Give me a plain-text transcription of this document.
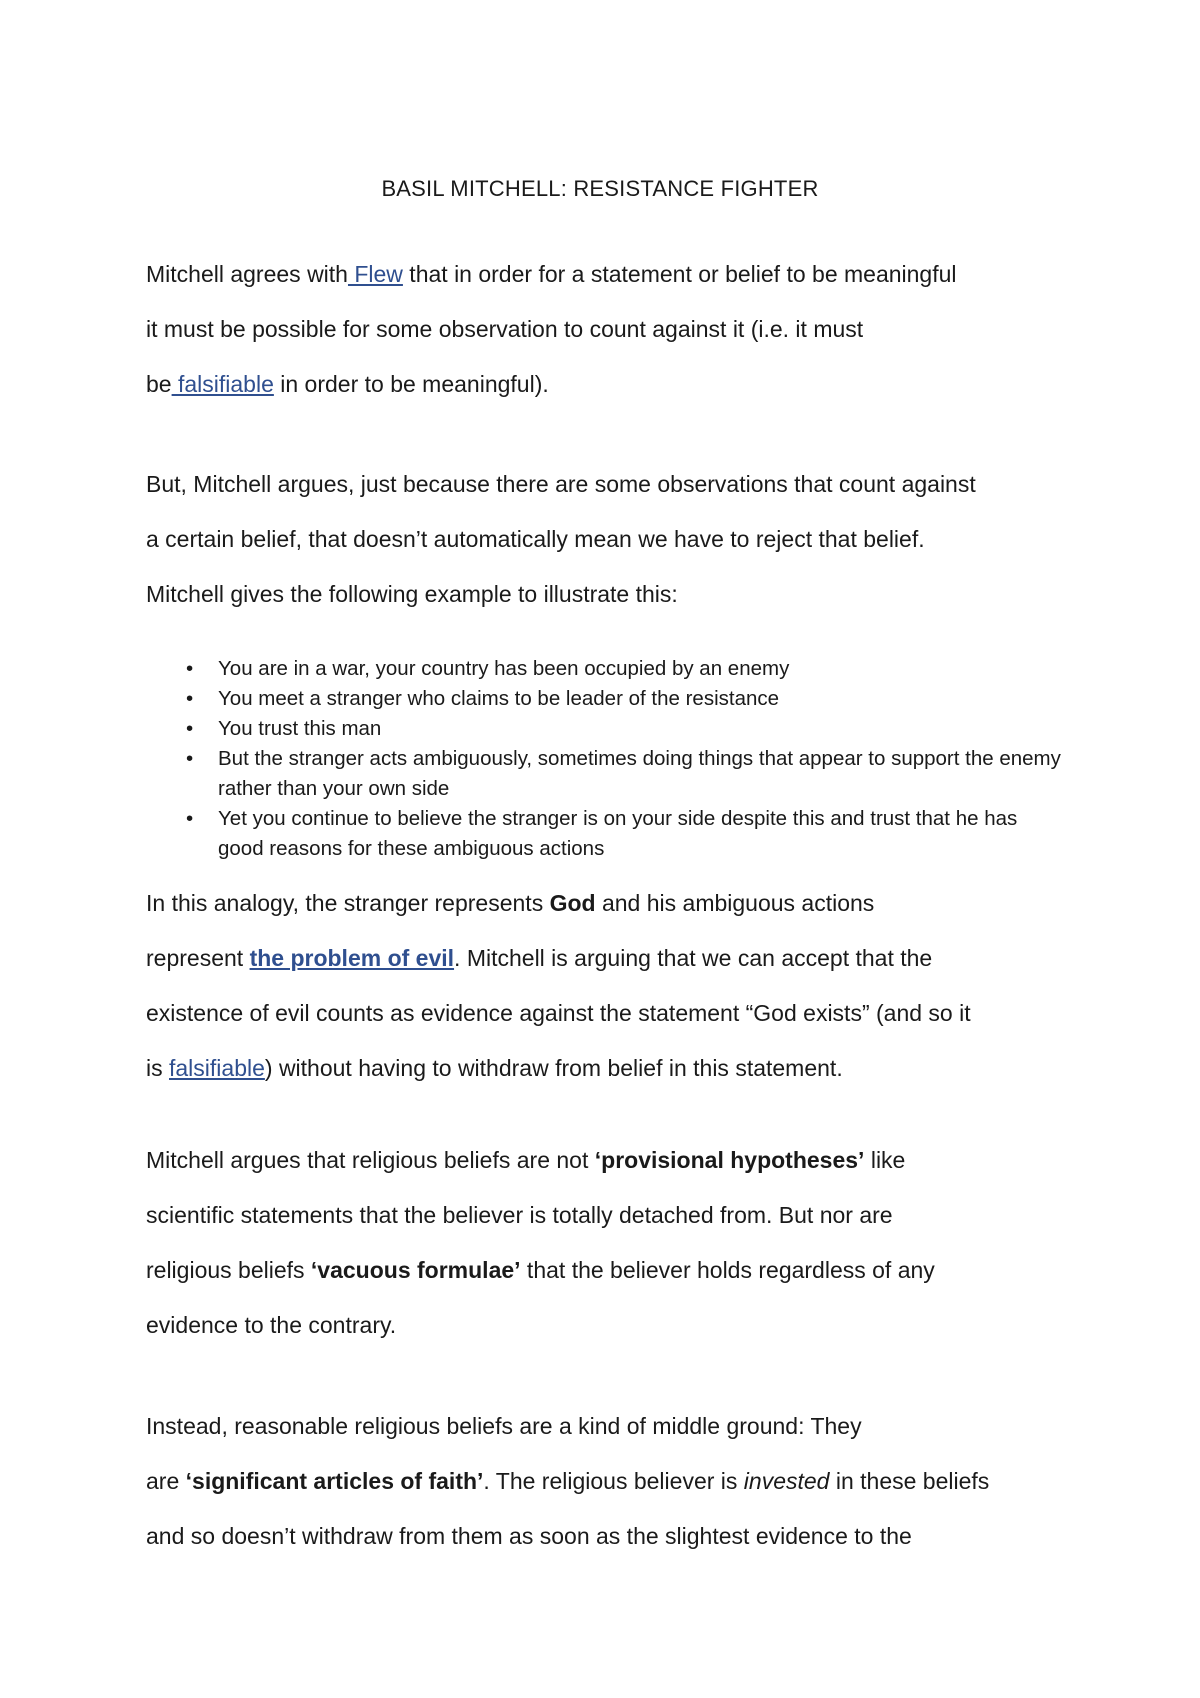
BASIL MITCHELL: RESISTANCE FIGHTER

Mitchell agrees with Flew that in order for a statement or belief to be meaningful
it must be possible for some observation to count against it (i.e. it must
be falsifiable in order to be meaningful).

But, Mitchell argues, just because there are some observations that count against
a certain belief, that doesn’t automatically mean we have to reject that belief.
Mitchell gives the following example to illustrate this:

• You are in a war, your country has been occupied by an enemy
• You meet a stranger who claims to be leader of the resistance
• You trust this man
• But the stranger acts ambiguously, sometimes doing things that appear to support the enemy rather than your own side
• Yet you continue to believe the stranger is on your side despite this and trust that he has good reasons for these ambiguous actions

In this analogy, the stranger represents God and his ambiguous actions
represent the problem of evil. Mitchell is arguing that we can accept that the
existence of evil counts as evidence against the statement “God exists” (and so it
is falsifiable) without having to withdraw from belief in this statement.

Mitchell argues that religious beliefs are not ‘provisional hypotheses’ like
scientific statements that the believer is totally detached from. But nor are
religious beliefs ‘vacuous formulae’ that the believer holds regardless of any
evidence to the contrary.

Instead, reasonable religious beliefs are a kind of middle ground: They
are ‘significant articles of faith’. The religious believer is invested in these beliefs
and so doesn’t withdraw from them as soon as the slightest evidence to the
